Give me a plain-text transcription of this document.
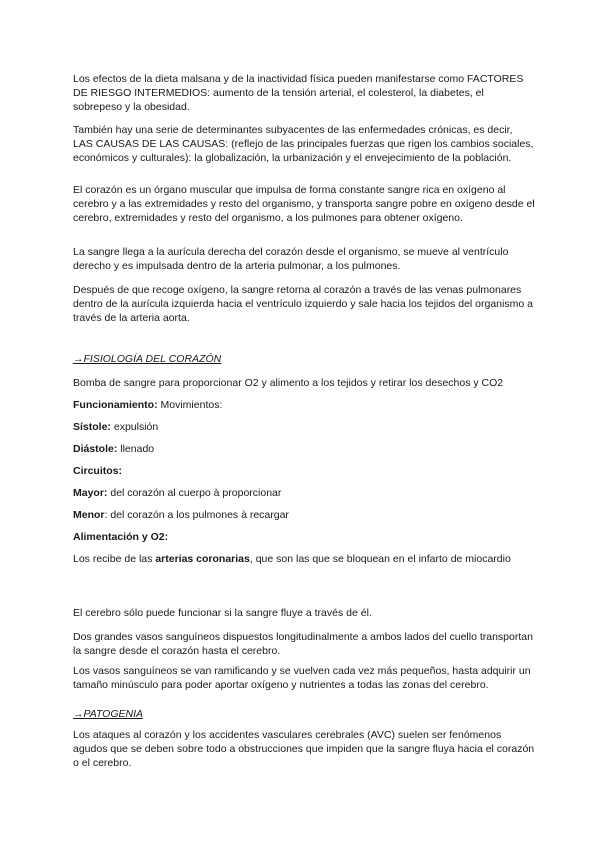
Los efectos de la dieta malsana y de la inactividad física pueden manifestarse como FACTORES DE RIESGO INTERMEDIOS: aumento de la tensión arterial, el colesterol, la diabetes, el sobrepeso y la obesidad.

También hay una serie de determinantes subyacentes de las enfermedades crónicas, es decir, LAS CAUSAS DE LAS CAUSAS: (reflejo de las principales fuerzas que rigen los cambios sociales, económicos y culturales): la globalización, la urbanización y el envejecimiento de la población.

El corazón es un órgano muscular que impulsa de forma constante sangre rica en oxígeno al cerebro y a las extremidades y resto del organismo, y transporta sangre pobre en oxígeno desde el cerebro, extremidades y resto del organismo, a los pulmones para obtener oxígeno.

La sangre llega a la aurícula derecha del corazón desde el organismo, se mueve al ventrículo derecho y es impulsada dentro de la arteria pulmonar, a los pulmones.

Después de que recoge oxígeno, la sangre retorna al corazón a través de las venas pulmonares dentro de la aurícula izquierda hacia el ventrículo izquierdo y sale hacia los tejidos del organismo a través de la arteria aorta.

→FISIOLOGÍA DEL CORAZÓN

Bomba de sangre para proporcionar O2 y alimento a los tejidos y retirar los desechos y CO2

Funcionamiento: Movimientos:

Sístole: expulsión

Diástole: llenado

Circuitos:

Mayor: del corazón al cuerpo à proporcionar

Menor: del corazón a los pulmones à recargar

Alimentación y O2:

Los recibe de las arterias coronarias, que son las que se bloquean en el infarto de miocardio

El cerebro sólo puede funcionar si la sangre fluye a través de él.

Dos grandes vasos sanguíneos dispuestos longitudinalmente a ambos lados del cuello transportan la sangre desde el corazón hasta el cerebro.

Los vasos sanguíneos se van ramificando y se vuelven cada vez más pequeños, hasta adquirir un tamaño minúsculo para poder aportar oxígeno y nutrientes a todas las zonas del cerebro.

→PATOGENIA

Los ataques al corazón y los accidentes vasculares cerebrales (AVC) suelen ser fenómenos agudos que se deben sobre todo a obstrucciones que impiden que la sangre fluya hacia el corazón o el cerebro.
